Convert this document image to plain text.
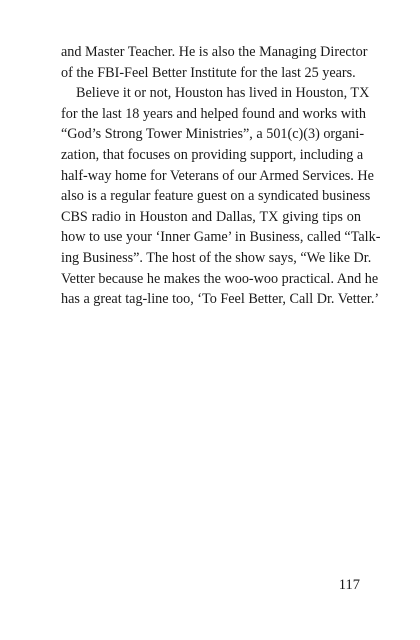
and Master Teacher. He is also the Managing Director
of the FBI-Feel Better Institute for the last 25 years.

Believe it or not, Houston has lived in Houston, TX
for the last 18 years and helped found and works with
“God’s Strong Tower Ministries”, a 501(c)(3) organi-
zation, that focuses on providing support, including a
half-way home for Veterans of our Armed Services. He
also is a regular feature guest on a syndicated business
CBS radio in Houston and Dallas, TX giving tips on
how to use your ‘Inner Game’ in Business, called “Talk-
ing Business”. The host of the show says, “We like Dr.
Vetter because he makes the woo-woo practical. And he
has a great tag-line too, ‘To Feel Better, Call Dr. Vetter.’

117
